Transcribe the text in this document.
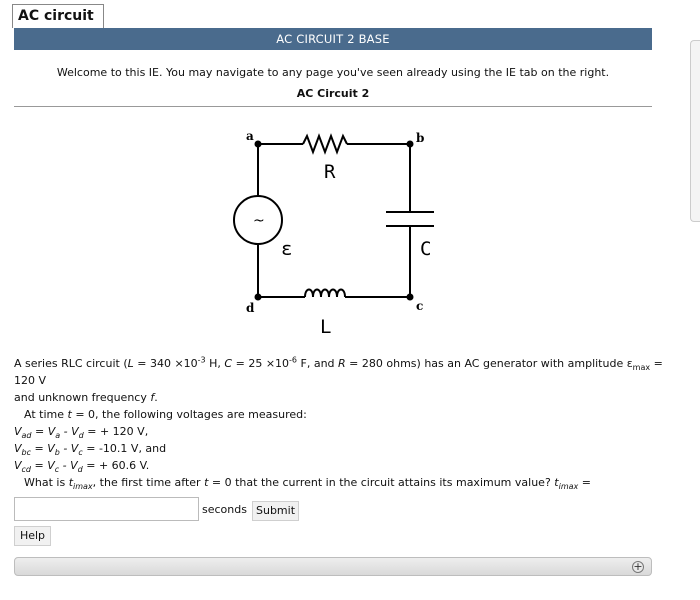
AC circuit
AC CIRCUIT 2 BASE
Welcome to this IE. You may navigate to any page you've seen already using the IE tab on the right.
AC Circuit 2
~
a	b
c
d
R
C
ε
L
A series RLC circuit ($L = 340 \times 10^{-3}$ H, $C = 25 \times 10^{-6}$ F, and R = 280 ohms) has an AC generator with amplitude $\varepsilon_{max} = 120$ V
and unknown frequency f.
At time t = 0, the following voltages are measured:
$V_{ad} = V_a - V_d$ = + 120 V,
$V_{bc} = V_b - V_c = -10.1$ V, and
$V_{cd} = V_c - V_d$ = + 60.6 V.
What is $t_{imax}$, the first time after t = 0 that the current in the circuit attains its maximum value? $t_{imax}$ =
seconds Submit
Help
+
